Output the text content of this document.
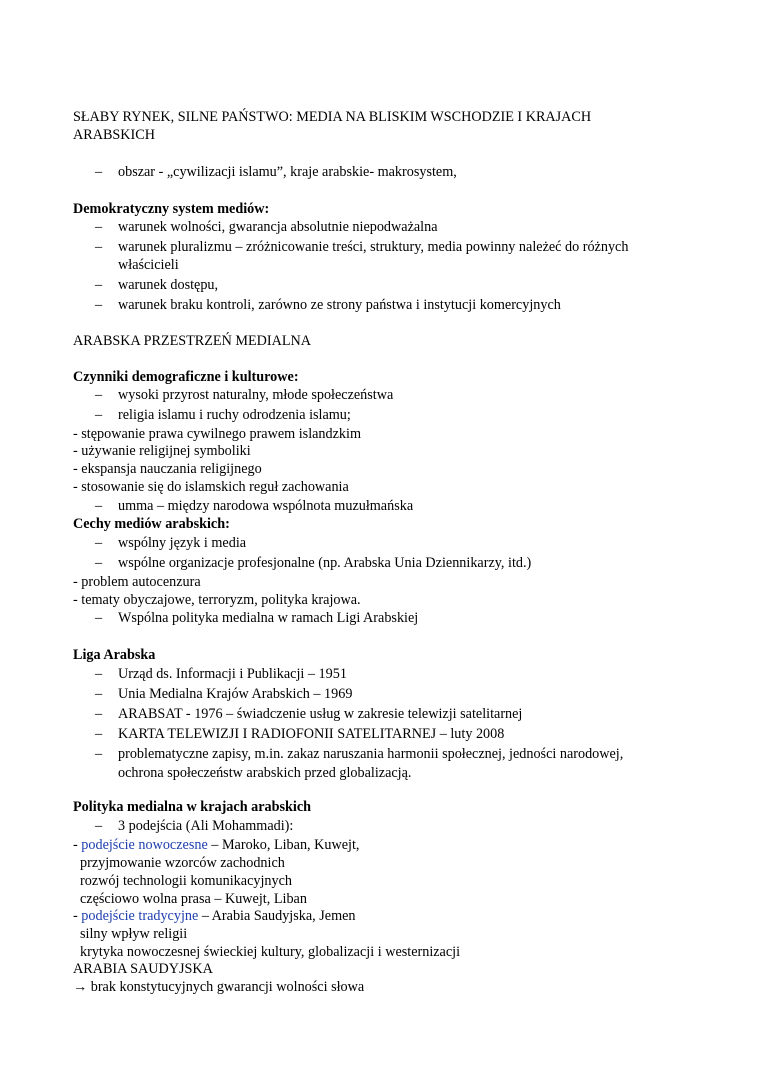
SŁABY RYNEK, SILNE PAŃSTWO: MEDIA NA BLISKIM WSCHODZIE I KRAJACH

ARABSKICH

– obszar - „cywilizacji islamu”, kraje arabskie- makrosystem,

Demokratyczny system mediów:

– warunek wolności, gwarancja absolutnie niepodważalna
– warunek pluralizmu – zróżnicowanie treści, struktury, media powinny należeć do różnych
właścicieli
– warunek dostępu,
– warunek braku kontroli, zarówno ze strony państwa i instytucji komercyjnych

ARABSKA PRZESTRZEŃ MEDIALNA

Czynniki demograficzne i kulturowe:

– wysoki przyrost naturalny, młode społeczeństwa
– religia islamu i ruchy odrodzenia islamu;

- stępowanie prawa cywilnego prawem islandzkim

- używanie religijnej symboliki

- ekspansja nauczania religijnego

- stosowanie się do islamskich reguł zachowania

– umma – między narodowa wspólnota muzułmańska

Cechy mediów arabskich:

– wspólny język i media
– wspólne organizacje profesjonalne (np. Arabska Unia Dziennikarzy, itd.)

- problem autocenzura

- tematy obyczajowe, terroryzm, polityka krajowa.

– Wspólna polityka medialna w ramach Ligi Arabskiej

Liga Arabska

– Urząd ds. Informacji i Publikacji – 1951
– Unia Medialna Krajów Arabskich – 1969
– ARABSAT - 1976 – świadczenie usług w zakresie telewizji satelitarnej
– KARTA TELEWIZJI I RADIOFONII SATELITARNEJ – luty 2008
– problematyczne zapisy, m.in. zakaz naruszania harmonii społecznej, jedności narodowej,
ochrona społeczeństw arabskich przed globalizacją.

Polityka medialna w krajach arabskich

– 3 podejścia (Ali Mohammadi):

- podejście nowoczesne – Maroko, Liban, Kuwejt,

przyjmowanie wzorców zachodnich

rozwój technologii komunikacyjnych

częściowo wolna prasa – Kuwejt, Liban

- podejście tradycyjne – Arabia Saudyjska, Jemen

silny wpływ religii

krytyka nowoczesnej świeckiej kultury, globalizacji i westernizacji

ARABIA SAUDYJSKA

→ brak konstytucyjnych gwarancji wolności słowa
